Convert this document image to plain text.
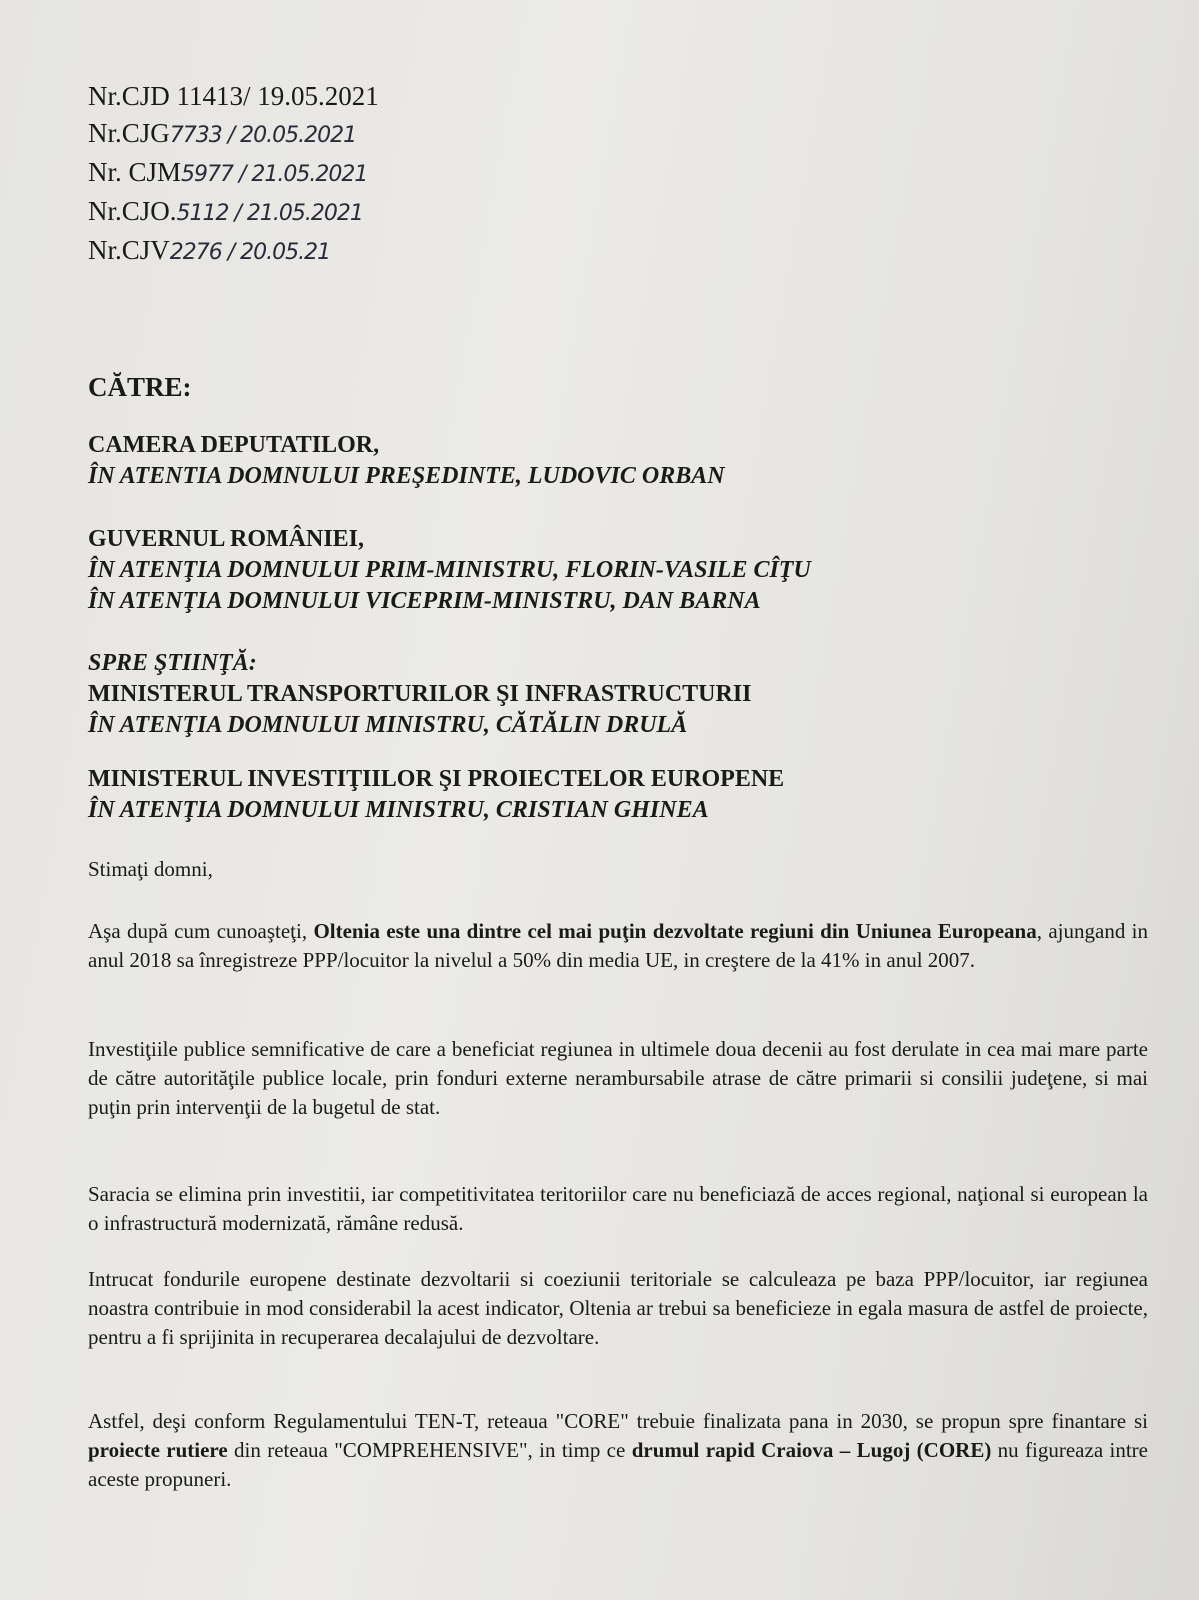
Nr.CJD 11413/ 19.05.2021
Nr.CJG7733 / 20.05.2021
Nr. CJM5977 / 21.05.2021
Nr.CJO.5112 / 21.05.2021
Nr.CJV2276 / 20.05.21
CĂTRE:
CAMERA DEPUTATILOR,
ÎN ATENTIA DOMNULUI PREŞEDINTE, LUDOVIC ORBAN
GUVERNUL ROMÂNIEI,
ÎN ATENŢIA DOMNULUI PRIM-MINISTRU, FLORIN-VASILE CÎŢU
ÎN ATENŢIA DOMNULUI VICEPRIM-MINISTRU, DAN BARNA
SPRE ŞTIINŢĂ:
MINISTERUL TRANSPORTURILOR ŞI INFRASTRUCTURII
ÎN ATENŢIA DOMNULUI MINISTRU, CĂTĂLIN DRULĂ
MINISTERUL INVESTIŢIILOR ŞI PROIECTELOR EUROPENE
ÎN ATENŢIA DOMNULUI MINISTRU, CRISTIAN GHINEA
Stimaţi domni,
Aşa după cum cunoaşteţi, Oltenia este una dintre cel mai puţin dezvoltate regiuni din Uniunea Europeana, ajungand in anul 2018 sa înregistreze PPP/locuitor la nivelul a 50% din media UE, in creştere de la 41% in anul 2007.
Investiţiile publice semnificative de care a beneficiat regiunea in ultimele doua decenii au fost derulate in cea mai mare parte de către autorităţile publice locale, prin fonduri externe nerambursabile atrase de către primarii si consilii judeţene, si mai puţin prin intervenţii de la bugetul de stat.
Saracia se elimina prin investitii, iar competitivitatea teritoriilor care nu beneficiază de acces regional, naţional si european la o infrastructură modernizată, rămâne redusă.
Intrucat fondurile europene destinate dezvoltarii si coeziunii teritoriale se calculeaza pe baza PPP/locuitor, iar regiunea noastra contribuie in mod considerabil la acest indicator, Oltenia ar trebui sa beneficieze in egala masura de astfel de proiecte, pentru a fi sprijinita in recuperarea decalajului de dezvoltare.
Astfel, deşi conform Regulamentului TEN-T, reteaua "CORE" trebuie finalizata pana in 2030, se propun spre finantare si proiecte rutiere din reteaua "COMPREHENSIVE", in timp ce drumul rapid Craiova – Lugoj (CORE) nu figureaza intre aceste propuneri.
